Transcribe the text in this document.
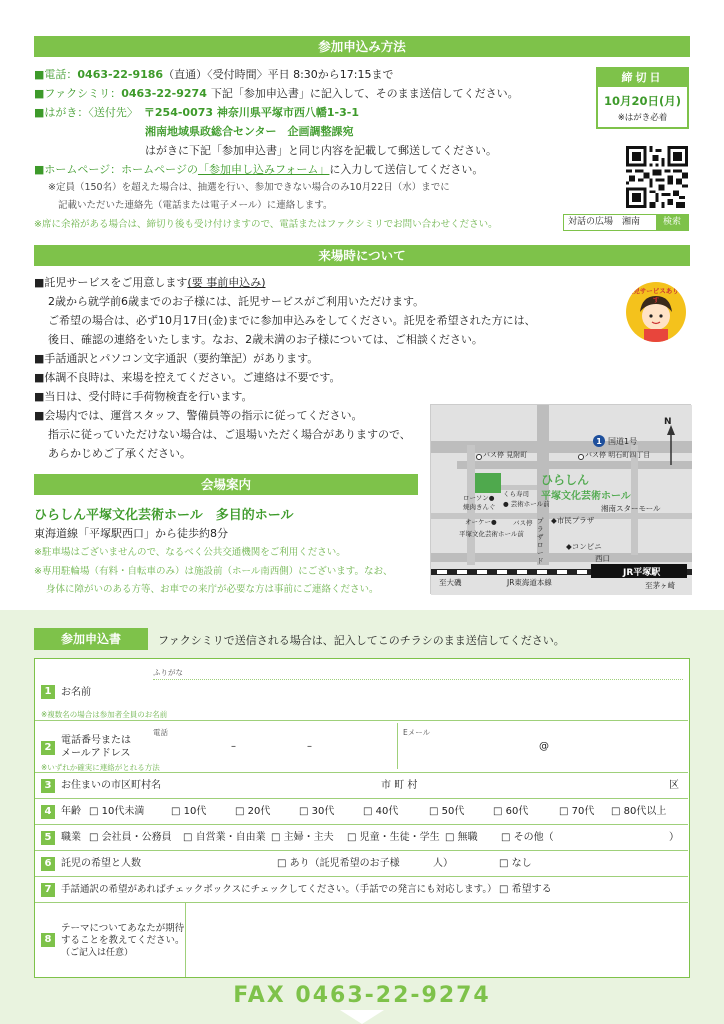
参加申込み方法
■電話：0463-22-9186（直通）〈受付時間〉平日 8:30から17:15まで
■ファクシミリ：0463-22-9274 下記「参加申込書」に記入して、そのまま送信してください。
■はがき：〈送付先〉 〒254-0073 神奈川県平塚市西八幡1-3-1
湘南地域県政総合センター　企画調整課宛
はがきに下記「参加申込書」と同じ内容を記載して郵送してください。
■ホームページ：ホームページの「参加申し込みフォーム」に入力して送信してください。
※定員（150名）を超えた場合は、抽選を行い、参加できない場合のみ10月22日（水）までに
記載いただいた連絡先（電話または電子メール）に連絡します。
※席に余裕がある場合は、締切り後も受け付けますので、電話またはファクシミリでお問い合わせください。
締切日
10月20日(月)
※はがき必着
対話の広場　湘南	検索
来場時について
■託児サービスをご用意します(要 事前申込み)
2歳から就学前6歳までのお子様には、託児サービスがご利用いただけます。
ご希望の場合は、必ず10月17日(金)までに参加申込みをしてください。託児を希望された方には、
後日、確認の連絡をいたします。なお、2歳未満のお子様については、ご相談ください。
■手話通訳とパソコン文字通訳（要約筆記）があります。
■体調不良時は、来場を控えてください。ご連絡は不要です。
■当日は、受付時に手荷物検査を行います。
■会場内では、運営スタッフ、警備員等の指示に従ってください。
指示に従っていただけない場合は、ご退場いただく場合がありますので、
あらかじめご了承ください。
託児サービスあります
1
N
国道1号
バス停 見附町	バス停 明石町四丁目
ひらしん
平塚文化芸術ホール
湘南スターモール
ローソン●
焼肉きんぐ
くら寿司
● 芸術ホール前
オーケー●	バス停
平塚文化芸術ホール前
◆市民プラザ
◆コンビニ
西口
JR平塚駅
至大磯	JR東海道本線	至茅ヶ崎
プラザロード
会場案内
ひらしん平塚文化芸術ホール　多目的ホール
東海道線「平塚駅西口」から徒歩約8分
※駐車場はございませんので、なるべく公共交通機関をご利用ください。
※専用駐輪場（有料・自転車のみ）は施設前（ホール南西側）にございます。なお、
身体に障がいのある方等、お車での来庁が必要な方は事前にご連絡ください。
参加申込書	ファクシミリで送信される場合は、記入してこのチラシのまま送信してください。
ふりがな
1 お名前
※複数名の場合は参加者全員のお名前
2
電話番号または
メールアドレス
電話
–	–
Eメール
@
※いずれか確実に連絡がとれる方法
3 お住まいの市区町村名	市 町 村	区
4 年齢 □ 10代未満	□ 10代	□ 20代	□ 30代	□ 40代	□ 50代	□ 60代	□ 70代 □ 80代以上
5 職業 □ 会社員・公務員 □ 自営業・自由業 □ 主婦・主夫 □ 児童・生徒・学生 □ 無職 □ その他（	）
6 託児の希望と人数	□ あり（託児希望のお子様	人）	□ なし
7	手話通訳の希望があればチェックボックスにチェックしてください。（手話での発言にも対応します。） □ 希望する
8
テーマについてあなたが期待
することを教えてください。
（ご記入は任意）
FAX 0463-22-9274
